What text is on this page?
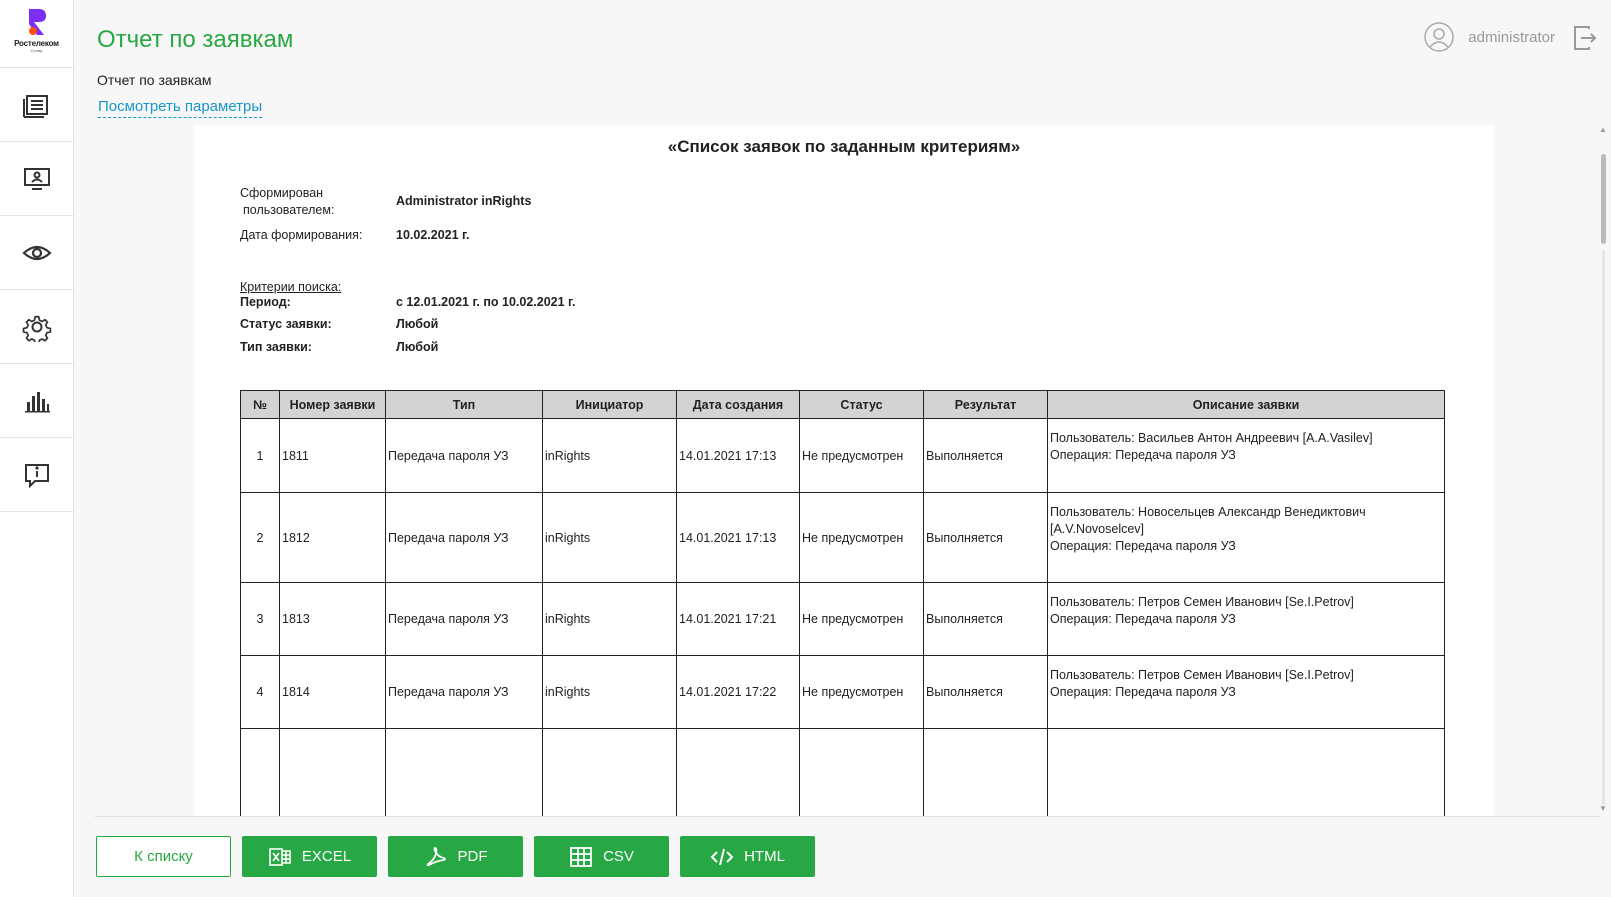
Ростелеком
Солар Отчет по заявкам	administrator
Отчет по заявкам
Посмотреть параметры
«Список заявок по заданным критериям»
Сформирован
пользователем:
Administrator inRights
Дата формирования:	10.02.2021 г.
Критерии поиска:
Период:	с 12.01.2021 г. по 10.02.2021 г.
Статус заявки:	Любой
Тип заявки:	Любой
№	Номер заявки	Тип	Инициатор	Дата создания	Статус	Результат	Описание заявки
1	1811	Передача пароля УЗ	inRights	14.01.2021 17:13	Не предусмотрен	Выполняется	Пользователь: Васильев Антон Андреевич [A.A.Vasilev]
Операция: Передача пароля УЗ

2	1812	Передача пароля УЗ	inRights	14.01.2021 17:13	Не предусмотрен	Выполняется	Пользователь: Новосельцев Александр Венедиктович
[A.V.Novoselcev]
Операция: Передача пароля УЗ

3	1813	Передача пароля УЗ	inRights	14.01.2021 17:21	Не предусмотрен	Выполняется	Пользователь: Петров Семен Иванович [Se.I.Petrov]
Операция: Передача пароля УЗ

4	1814	Передача пароля УЗ	inRights	14.01.2021 17:22	Не предусмотрен	Выполняется	Пользователь: Петров Семен Иванович [Se.I.Petrov]
Операция: Передача пароля УЗ

▲
▼
К списку	EXCEL	PDF	CSV	HTML
